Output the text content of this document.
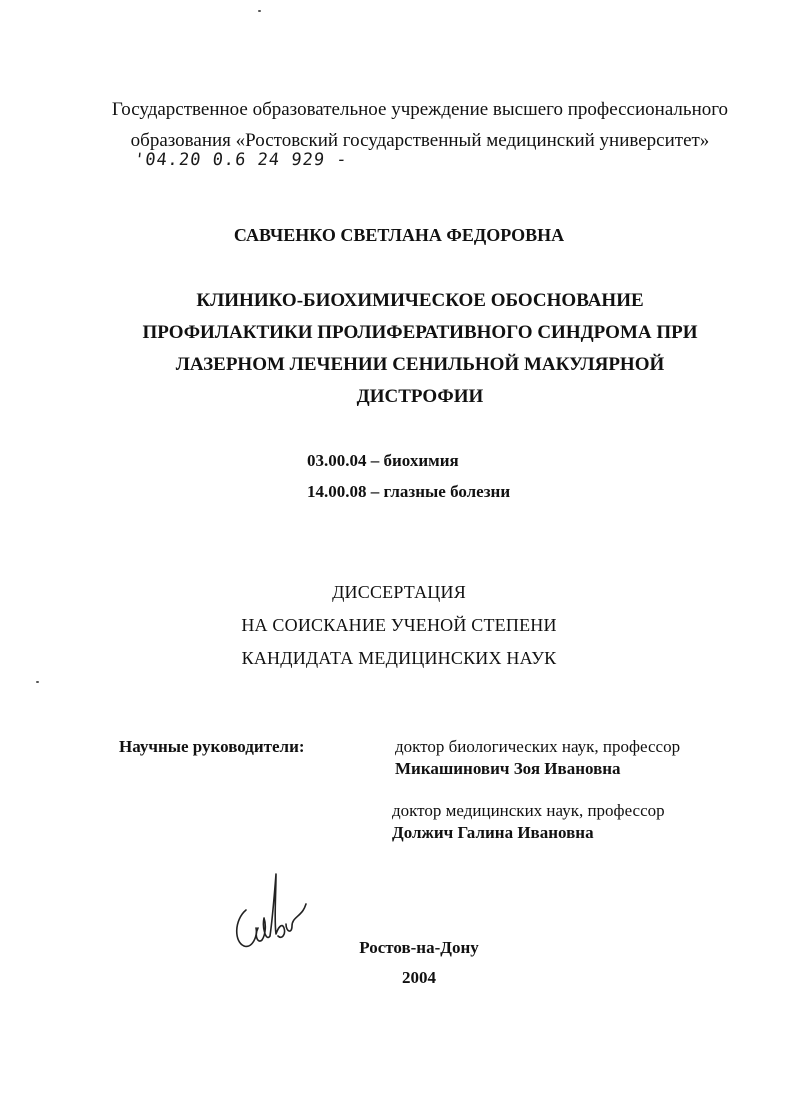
Государственное образовательное учреждение высшего профессионального
образования «Ростовский государственный медицинский университет»
'04.20 0.6 24 929 -
САВЧЕНКО СВЕТЛАНА ФЕДОРОВНА
КЛИНИКО-БИОХИМИЧЕСКОЕ ОБОСНОВАНИЕ
ПРОФИЛАКТИКИ ПРОЛИФЕРАТИВНОГО СИНДРОМА ПРИ
ЛАЗЕРНОМ ЛЕЧЕНИИ СЕНИЛЬНОЙ МАКУЛЯРНОЙ
ДИСТРОФИИ
03.00.04 – биохимия
14.00.08 – глазные болезни
ДИССЕРТАЦИЯ
НА СОИСКАНИЕ УЧЕНОЙ СТЕПЕНИ
КАНДИДАТА МЕДИЦИНСКИХ НАУК
Научные руководители:	доктор биологических наук, профессор
Микашинович Зоя Ивановна
доктор медицинских наук, профессор
Должич Галина Ивановна
Ростов-на-Дону
2004
